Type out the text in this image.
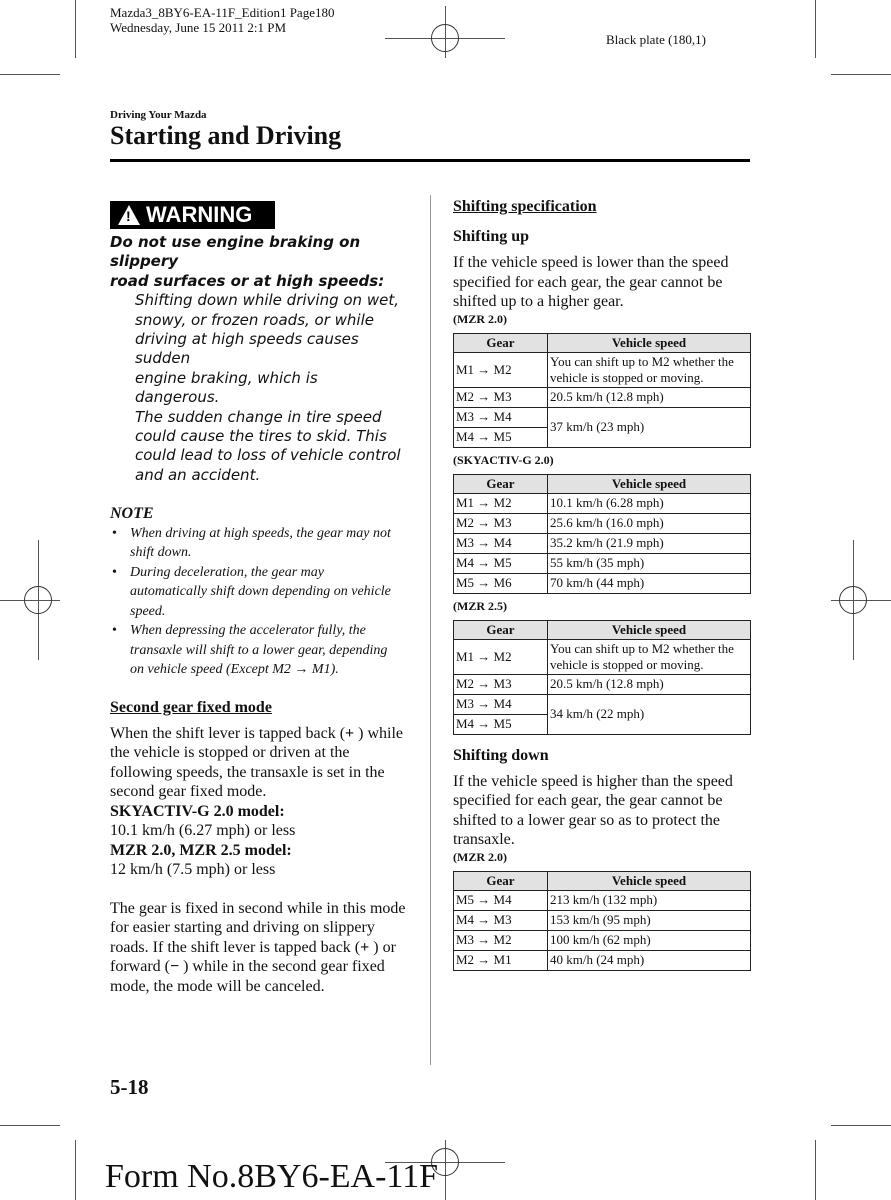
Mazda3_8BY6-EA-11F_Edition1 Page180
Wednesday, June 15 2011 2:1 PM
Black plate (180,1)
Driving Your Mazda
Starting and Driving
! WARNING
Do not use engine braking on slippery
road surfaces or at high speeds:
Shifting down while driving on wet,
snowy, or frozen roads, or while
driving at high speeds causes sudden
engine braking, which is dangerous.
The sudden change in tire speed
could cause the tires to skid. This
could lead to loss of vehicle control
and an accident.
NOTE
• When driving at high speeds, the gear may not shift down.
• During deceleration, the gear may automatically shift down depending on vehicle speed.
• When depressing the accelerator fully, the transaxle will shift to a lower gear, depending on vehicle speed (Except M2 → M1).
Second gear fixed mode
When the shift lever is tapped back (+ ) while the vehicle is stopped or driven at the following speeds, the transaxle is set in the second gear fixed mode.
SKYACTIV-G 2.0 model:
10.1 km/h (6.27 mph) or less
MZR 2.0, MZR 2.5 model:
12 km/h (7.5 mph) or less
The gear is fixed in second while in this mode for easier starting and driving on slippery roads. If the shift lever is tapped back (+ ) or forward (− ) while in the second gear fixed mode, the mode will be canceled.
Shifting specification
Shifting up
If the vehicle speed is lower than the speed specified for each gear, the gear cannot be shifted up to a higher gear.
(MZR 2.0)
Gear	Vehicle speed
M1 → M2	You can shift up to M2 whether the vehicle is stopped or moving.
M2 → M3	20.5 km/h (12.8 mph)
M3 → M4	37 km/h (23 mph)
M4 → M5	
(SKYACTIV-G 2.0)
Gear	Vehicle speed
M1 → M2	10.1 km/h (6.28 mph)
M2 → M3	25.6 km/h (16.0 mph)
M3 → M4	35.2 km/h (21.9 mph)
M4 → M5	55 km/h (35 mph)
M5 → M6	70 km/h (44 mph)
(MZR 2.5)
Gear	Vehicle speed
M1 → M2	You can shift up to M2 whether the vehicle is stopped or moving.
M2 → M3	20.5 km/h (12.8 mph)
M3 → M4	34 km/h (22 mph)
M4 → M5	
Shifting down
If the vehicle speed is higher than the speed specified for each gear, the gear cannot be shifted to a lower gear so as to protect the transaxle.
(MZR 2.0)
Gear	Vehicle speed
M5 → M4	213 km/h (132 mph)
M4 → M3	153 km/h (95 mph)
M3 → M2	100 km/h (62 mph)
M2 → M1	40 km/h (24 mph)
5-18
Form No.8BY6-EA-11F
